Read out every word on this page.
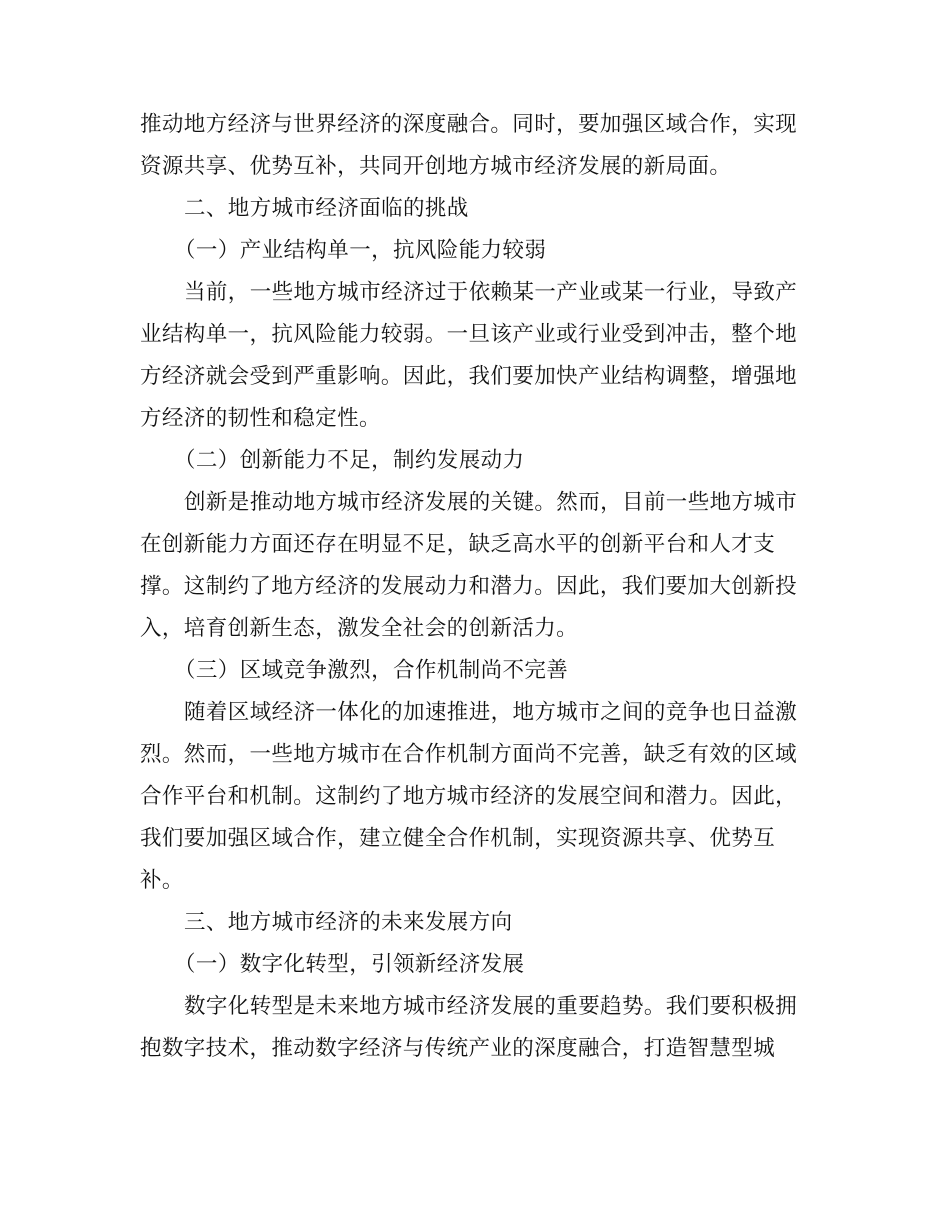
推动地方经济与世界经济的深度融合。同时，要加强区域合作，实现
资源共享、优势互补，共同开创地方城市经济发展的新局面。
二、地方城市经济面临的挑战
（一）产业结构单一，抗风险能力较弱
当前，一些地方城市经济过于依赖某一产业或某一行业，导致产
业结构单一，抗风险能力较弱。一旦该产业或行业受到冲击，整个地
方经济就会受到严重影响。因此，我们要加快产业结构调整，增强地
方经济的韧性和稳定性。
（二）创新能力不足，制约发展动力
创新是推动地方城市经济发展的关键。然而，目前一些地方城市
在创新能力方面还存在明显不足，缺乏高水平的创新平台和人才支
撑。这制约了地方经济的发展动力和潜力。因此，我们要加大创新投
入，培育创新生态，激发全社会的创新活力。
（三）区域竞争激烈，合作机制尚不完善
随着区域经济一体化的加速推进，地方城市之间的竞争也日益激
烈。然而，一些地方城市在合作机制方面尚不完善，缺乏有效的区域
合作平台和机制。这制约了地方城市经济的发展空间和潜力。因此，
我们要加强区域合作，建立健全合作机制，实现资源共享、优势互
补。
三、地方城市经济的未来发展方向
（一）数字化转型，引领新经济发展
数字化转型是未来地方城市经济发展的重要趋势。我们要积极拥
抱数字技术，推动数字经济与传统产业的深度融合，打造智慧型城
